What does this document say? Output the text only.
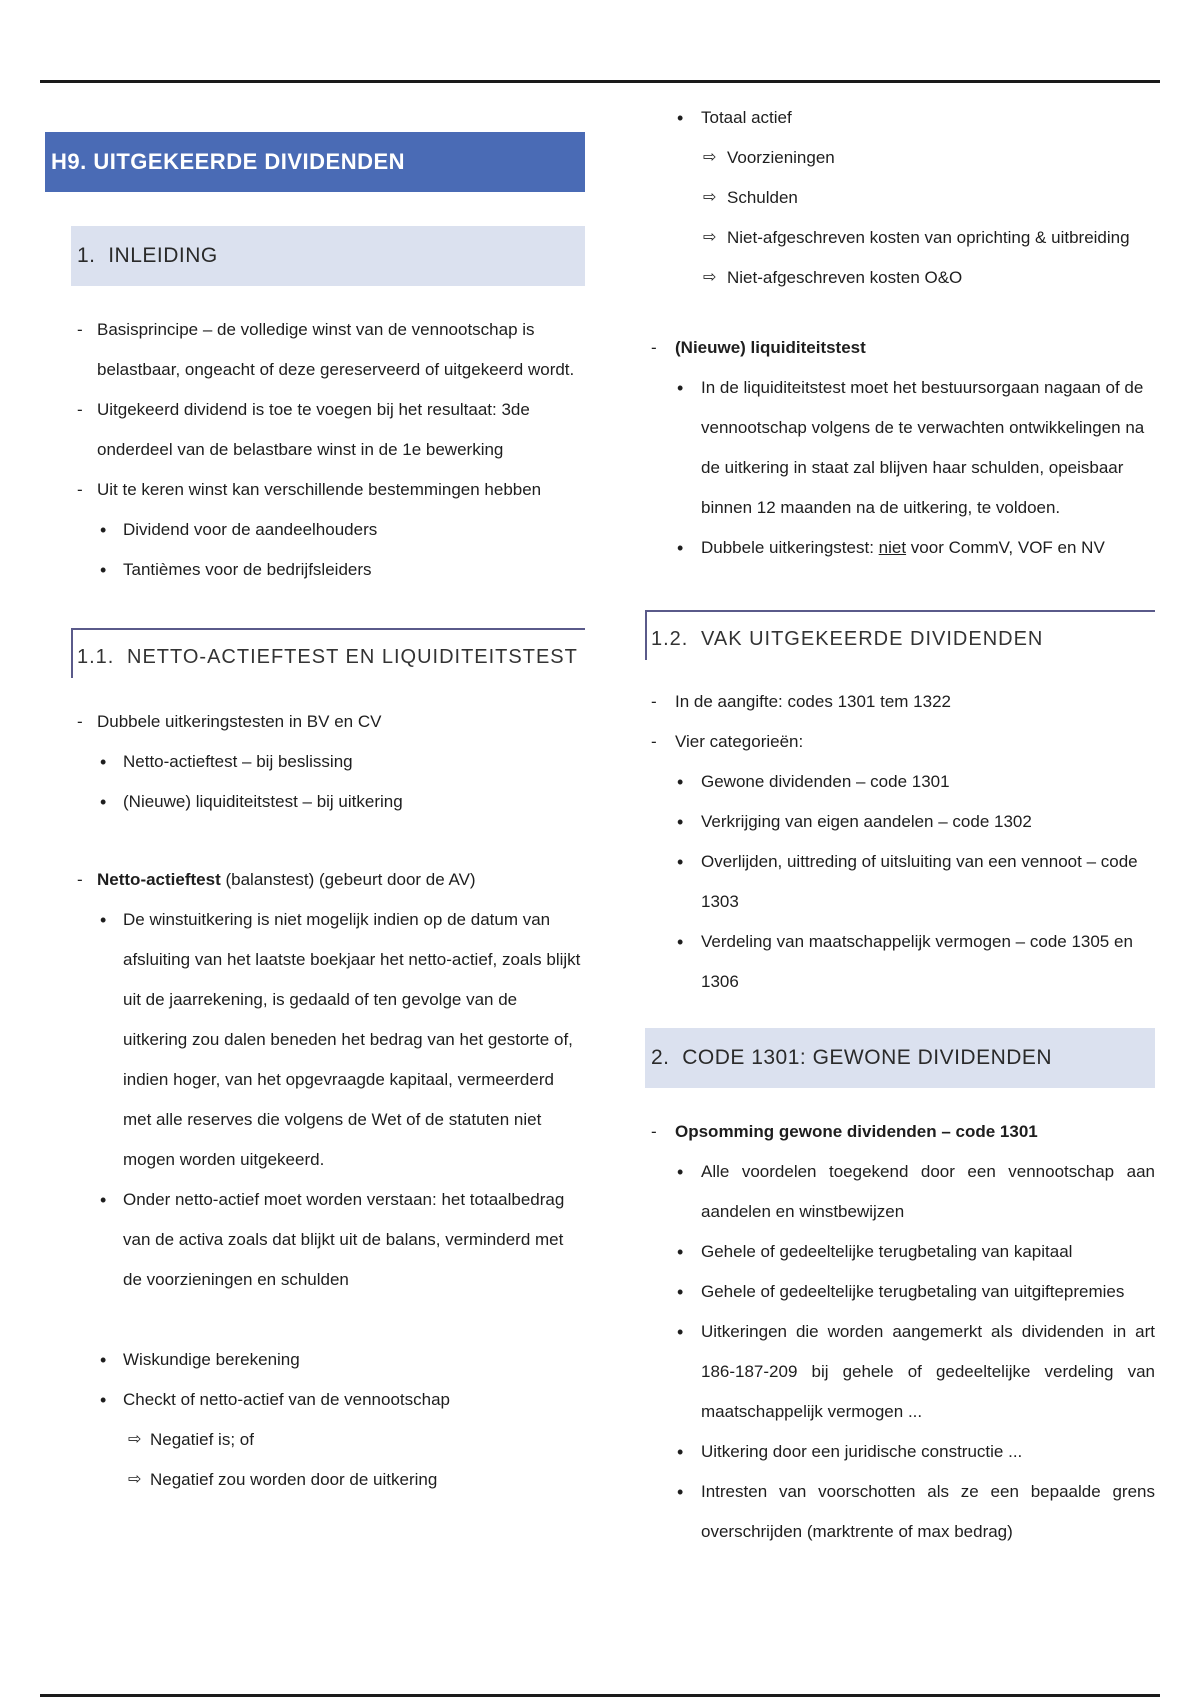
H9. UITGEKEERDE DIVIDENDEN
1. INLEIDING
- Basisprincipe – de volledige winst van de vennootschap is belastbaar, ongeacht of deze gereserveerd of uitgekeerd wordt.
- Uitgekeerd dividend is toe te voegen bij het resultaat: 3de onderdeel van de belastbare winst in de 1e bewerking
- Uit te keren winst kan verschillende bestemmingen hebben
• Dividend voor de aandeelhouders
• Tantièmes voor de bedrijfsleiders
1.1. NETTO-ACTIEFTEST EN LIQUIDITEITSTEST
- Dubbele uitkeringstesten in BV en CV
• Netto-actieftest – bij beslissing
• (Nieuwe) liquiditeitstest – bij uitkering
- Netto-actieftest (balanstest) (gebeurt door de AV)
• De winstuitkering is niet mogelijk indien op de datum van afsluiting van het laatste boekjaar het netto-actief, zoals blijkt uit de jaarrekening, is gedaald of ten gevolge van de uitkering zou dalen beneden het bedrag van het gestorte of, indien hoger, van het opgevraagde kapitaal, vermeerderd met alle reserves die volgens de Wet of de statuten niet mogen worden uitgekeerd.
• Onder netto-actief moet worden verstaan: het totaalbedrag van de activa zoals dat blijkt uit de balans, verminderd met de voorzieningen en schulden
• Wiskundige berekening
• Checkt of netto-actief van de vennootschap
⇨ Negatief is; of
⇨ Negatief zou worden door de uitkering
• Totaal actief
⇨ Voorzieningen
⇨ Schulden
⇨ Niet-afgeschreven kosten van oprichting & uitbreiding
⇨ Niet-afgeschreven kosten O&O
- (Nieuwe) liquiditeitstest
• In de liquiditeitstest moet het bestuursorgaan nagaan of de vennootschap volgens de te verwachten ontwikkelingen na de uitkering in staat zal blijven haar schulden, opeisbaar binnen 12 maanden na de uitkering, te voldoen.
• Dubbele uitkeringstest: niet voor CommV, VOF en NV
1.2. VAK UITGEKEERDE DIVIDENDEN
- In de aangifte: codes 1301 tem 1322
- Vier categorieën:
• Gewone dividenden – code 1301
• Verkrijging van eigen aandelen – code 1302
• Overlijden, uittreding of uitsluiting van een vennoot – code 1303
• Verdeling van maatschappelijk vermogen – code 1305 en 1306
2. CODE 1301: GEWONE DIVIDENDEN
- Opsomming gewone dividenden – code 1301
• Alle voordelen toegekend door een vennootschap aan aandelen en winstbewijzen
• Gehele of gedeeltelijke terugbetaling van kapitaal
• Gehele of gedeeltelijke terugbetaling van uitgiftepremies
• Uitkeringen die worden aangemerkt als dividenden in art 186-187-209 bij gehele of gedeeltelijke verdeling van maatschappelijk vermogen ...
• Uitkering door een juridische constructie ...
• Intresten van voorschotten als ze een bepaalde grens overschrijden (marktrente of max bedrag)
